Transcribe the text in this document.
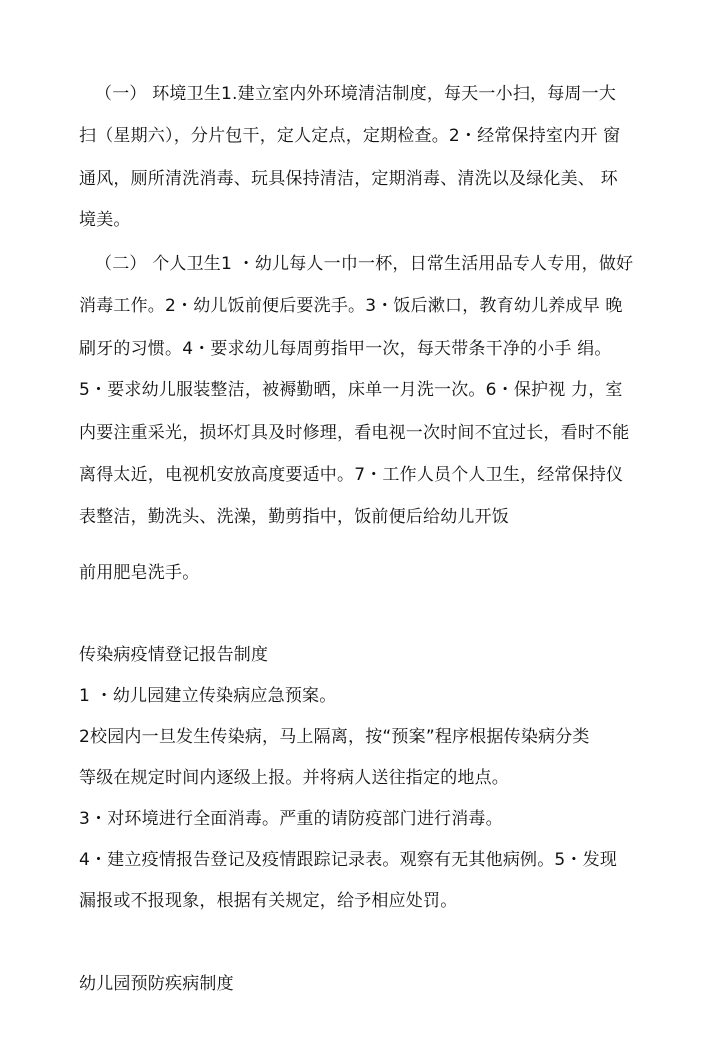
（一） 环境卫生1.建立室内外环境清洁制度，每天一小扫，每周一大
扫（星期六），分片包干，定人定点，定期检查。2・经常保持室内开 窗
通风，厕所清洗消毒、玩具保持清洁，定期消毒、清洗以及绿化美、 环
境美。
（二） 个人卫生1 ・幼儿每人一巾一杯，日常生活用品专人专用，做好
消毒工作。2・幼儿饭前便后要洗手。3・饭后漱口，教育幼儿养成早 晚
刷牙的习惯。4・要求幼儿每周剪指甲一次，每天带条干净的小手 绢。
5・要求幼儿服装整洁，被褥勤晒，床单一月洗一次。6・保护视 力，室
内要注重采光，损坏灯具及时修理，看电视一次时间不宜过长，看时不能
离得太近，电视机安放高度要适中。7・工作人员个人卫生，经常保持仪
表整洁，勤洗头、洗澡，勤剪指中，饭前便后给幼儿开饭
前用肥皂洗手。
传染病疫情登记报告制度
1 ・幼儿园建立传染病应急预案。
2校园内一旦发生传染病，马上隔离，按“预案”程序根据传染病分类
等级在规定时间内逐级上报。并将病人送往指定的地点。
3・对环境进行全面消毒。严重的请防疫部门进行消毒。
4・建立疫情报告登记及疫情跟踪记录表。观察有无其他病例。5・发现
漏报或不报现象，根据有关规定，给予相应处罚。
幼儿园预防疾病制度
